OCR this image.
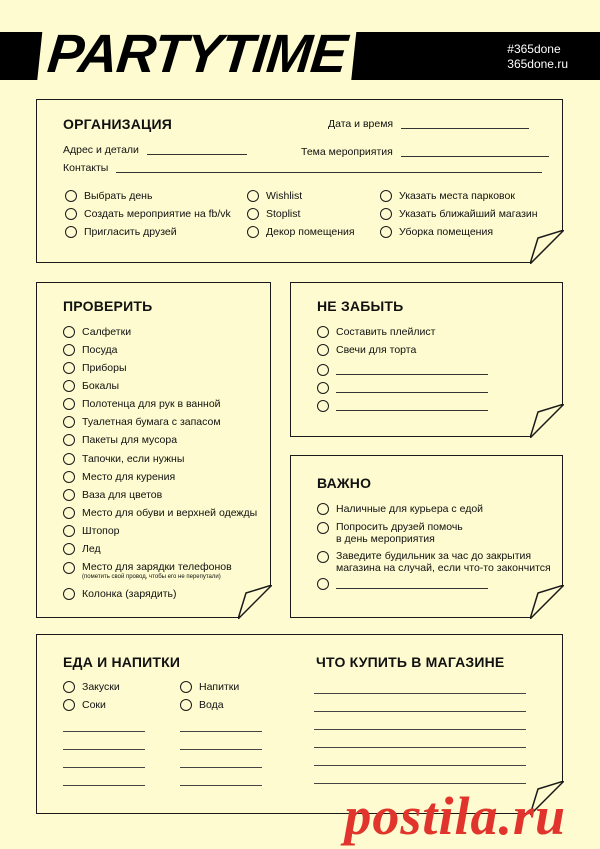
PARTYTIME	#365done
365done.ru
ОРГАНИЗАЦИЯ	Дата и время
Адрес и детали	Тема мероприятия
Контакты
Выбрать день
Создать мероприятие на fb/vk
Пригласить друзей
Wishlist
Stoplist
Декор помещения
Указать места парковок
Указать ближайший магазин
Уборка помещения
ПРОВЕРИТЬ
Салфетки
Посуда
Приборы
Бокалы
Полотенца для рук в ванной
Туалетная бумага с запасом
Пакеты для мусора
Тапочки, если нужны
Место для курения
Ваза для цветов
Место для обуви и верхней одежды
Штопор
Лед
Место для зарядки телефонов
(пометить свой провод, чтобы его не перепутали)
Колонка (зарядить)
НЕ ЗАБЫТЬ
Составить плейлист
Свечи для торта
ВАЖНО
Наличные для курьера с едой
Попросить друзей помочь
в день мероприятия
Заведите будильник за час до закрытия
магазина на случай, если что-то закончится
ЕДА И НАПИТКИ	ЧТО КУПИТЬ В МАГАЗИНЕ
Закуски
Соки
Напитки
Вода
postila.ru
